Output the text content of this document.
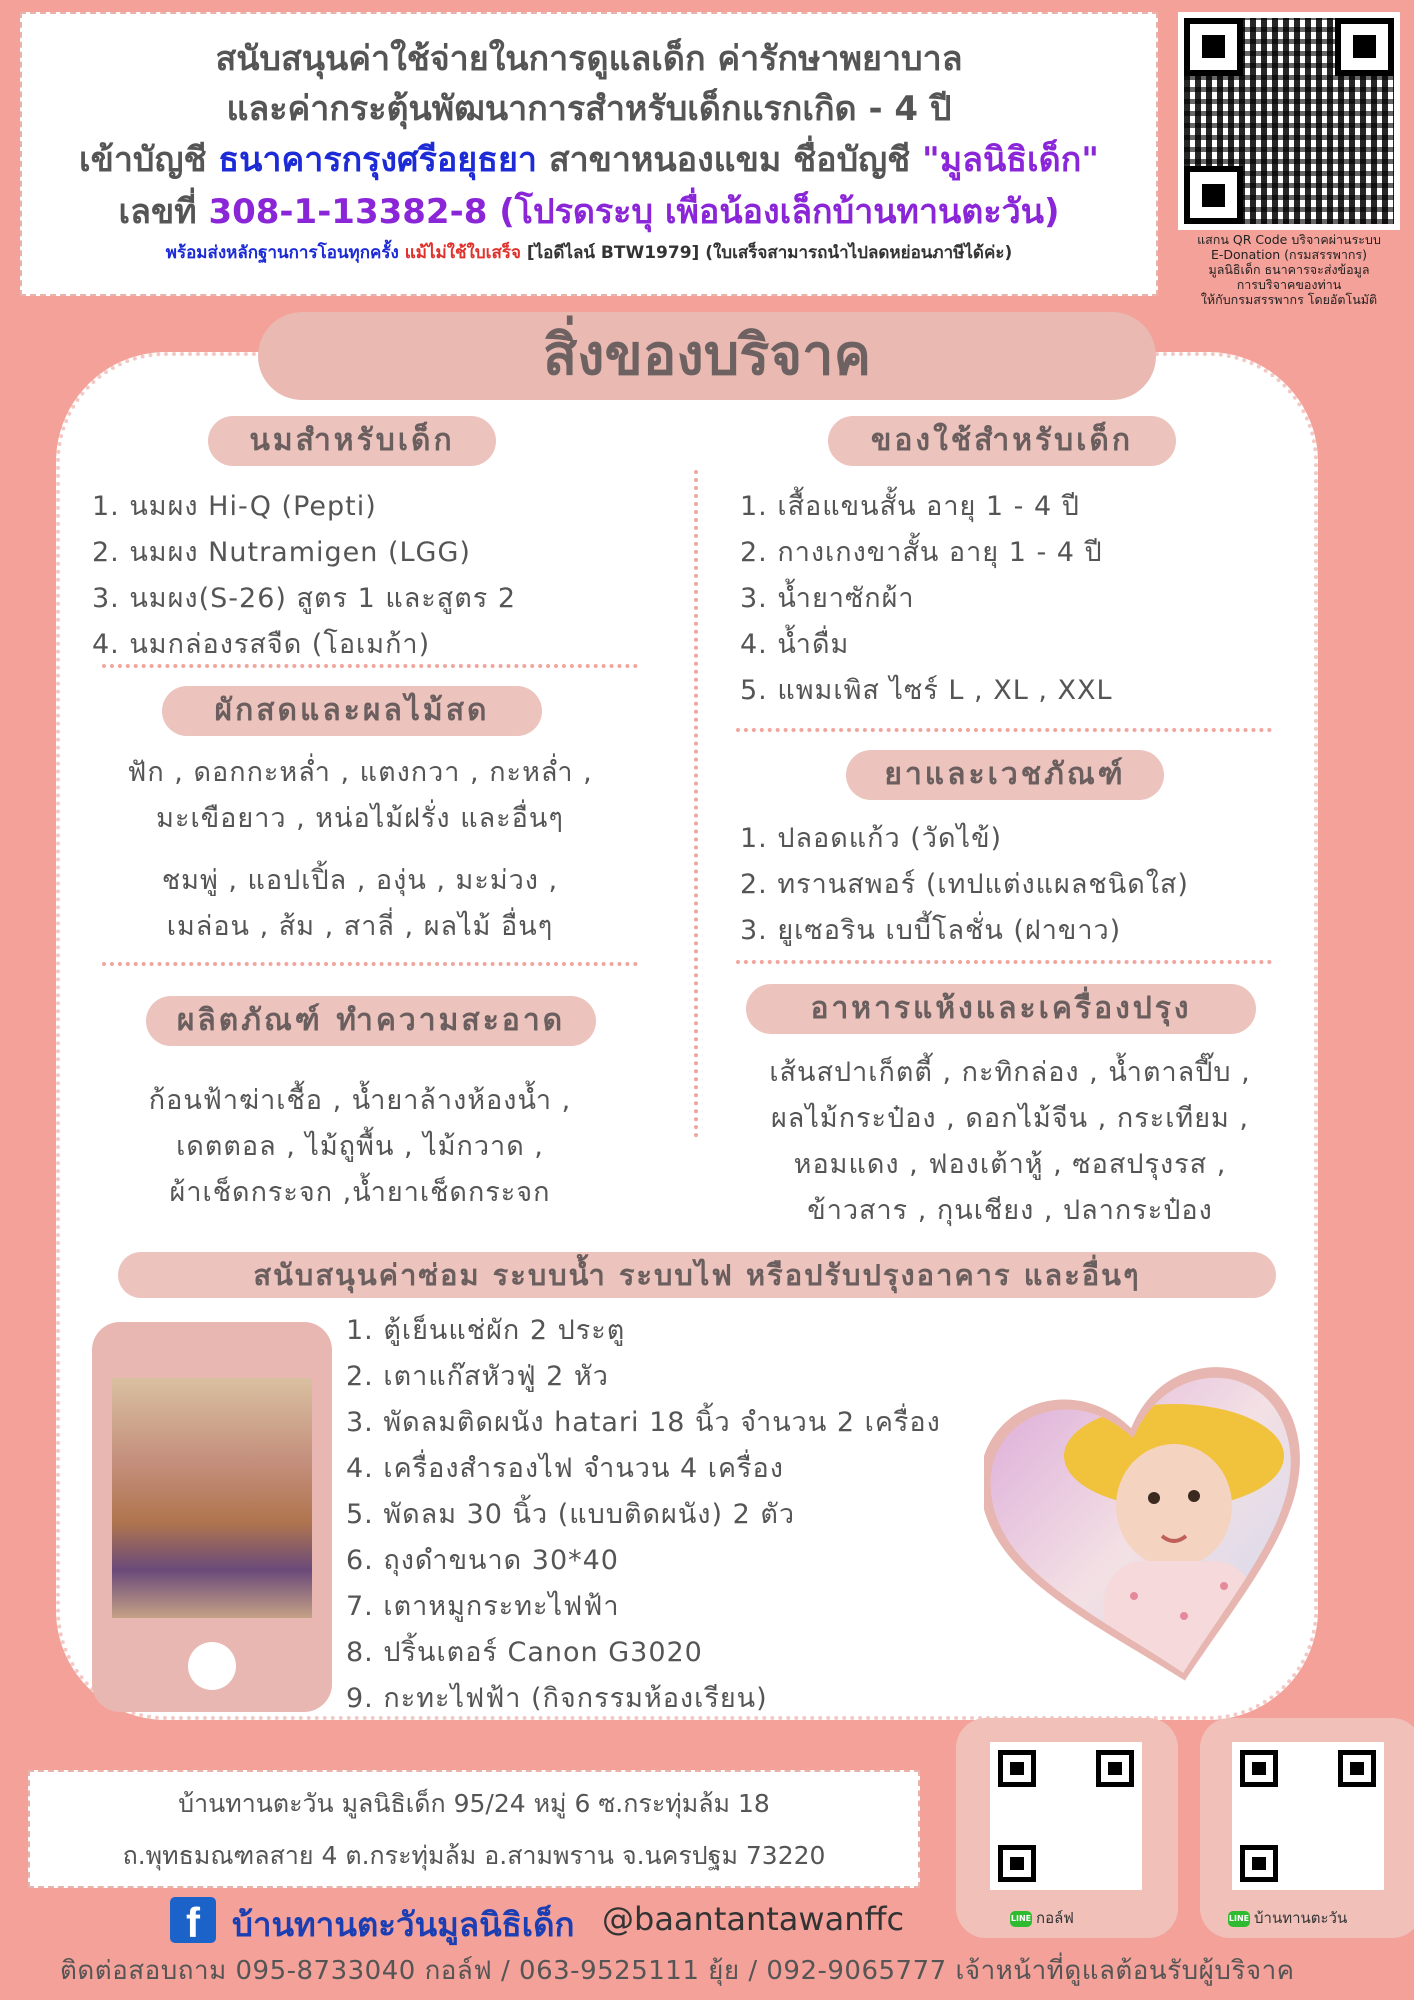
สนับสนุนค่าใช้จ่ายในการดูแลเด็ก ค่ารักษาพยาบาล
และค่ากระตุ้นพัฒนาการสำหรับเด็กแรกเกิด - 4 ปี
เข้าบัญชี ธนาคารกรุงศรีอยุธยา สาขาหนองแขม ชื่อบัญชี "มูลนิธิเด็ก"
เลขที่ 308-1-13382-8 (โปรดระบุ เพื่อน้องเล็กบ้านทานตะวัน)
พร้อมส่งหลักฐานการโอนทุกครั้ง แม้ไม่ใช้ใบเสร็จ [ไอดีไลน์ BTW1979] (ใบเสร็จสามารถนำไปลดหย่อนภาษีได้ค่ะ)
แสกน QR Code บริจาคผ่านระบบ
E-Donation (กรมสรรพากร)
มูลนิธิเด็ก ธนาคารจะส่งข้อมูล
การบริจาคของท่าน
ให้กับกรมสรรพากร โดยอัตโนมัติ
สิ่งของบริจาค
นมสำหรับเด็ก
1. นมผง Hi-Q (Pepti)
2. นมผง Nutramigen (LGG)
3. นมผง(S-26) สูตร 1 และสูตร 2
4. นมกล่องรสจืด (โอเมก้า)
ผักสดและผลไม้สด
ฟัก , ดอกกะหล่ำ , แตงกวา , กะหล่ำ ,
มะเขือยาว , หน่อไม้ฝรั่ง และอื่นๆ
ชมพู่ , แอปเปิ้ล , องุ่น , มะม่วง ,
เมล่อน , ส้ม , สาลี่ , ผลไม้ อื่นๆ
ผลิตภัณฑ์ ทำความสะอาด
ก้อนฟ้าฆ่าเชื้อ , น้ำยาล้างห้องน้ำ ,
เดตตอล , ไม้ถูพื้น , ไม้กวาด ,
ผ้าเช็ดกระจก ,น้ำยาเช็ดกระจก
ของใช้สำหรับเด็ก
1. เสื้อแขนสั้น อายุ 1 - 4 ปี
2. กางเกงขาสั้น อายุ 1 - 4 ปี
3. น้ำยาซักผ้า
4. น้ำดื่ม
5. แพมเพิส ไซร์ L , XL , XXL
ยาและเวชภัณฑ์
1. ปลอดแก้ว (วัดไข้)
2. ทรานสพอร์ (เทปแต่งแผลชนิดใส)
3. ยูเซอริน เบบี้โลชั่น (ฝาขาว)
อาหารแห้งและเครื่องปรุง
เส้นสปาเก็ตตี้ , กะทิกล่อง , น้ำตาลปี๊บ ,
ผลไม้กระป๋อง , ดอกไม้จีน , กระเทียม ,
หอมแดง , ฟองเต้าหู้ , ซอสปรุงรส ,
ข้าวสาร , กุนเชียง , ปลากระป๋อง
สนับสนุนค่าซ่อม ระบบน้ำ ระบบไฟ หรือปรับปรุงอาคาร และอื่นๆ
1. ตู้เย็นแช่ผัก 2 ประตู
2. เตาแก๊สหัวฟู่ 2 หัว
3. พัดลมติดผนัง hatari 18 นิ้ว จำนวน 2 เครื่อง
4. เครื่องสำรองไฟ จำนวน 4 เครื่อง
5. พัดลม 30 นิ้ว (แบบติดผนัง) 2 ตัว
6. ถุงดำขนาด 30*40
7. เตาหมูกระทะไฟฟ้า
8. ปริ้นเตอร์ Canon G3020
9. กะทะไฟฟ้า (กิจกรรมห้องเรียน)
บ้านทานตะวัน มูลนิธิเด็ก 95/24 หมู่ 6 ซ.กระทุ่มล้ม 18
ถ.พุทธมณฑลสาย 4 ต.กระทุ่มล้ม อ.สามพราน จ.นครปฐม 73220
LINE กอล์ฟ	LINE บ้านทานตะวัน
f บ้านทานตะวันมูลนิธิเด็ก @baantantawanffc
ติดต่อสอบถาม 095-8733040 กอล์ฟ / 063-9525111 ยุ้ย / 092-9065777 เจ้าหน้าที่ดูแลต้อนรับผู้บริจาค
